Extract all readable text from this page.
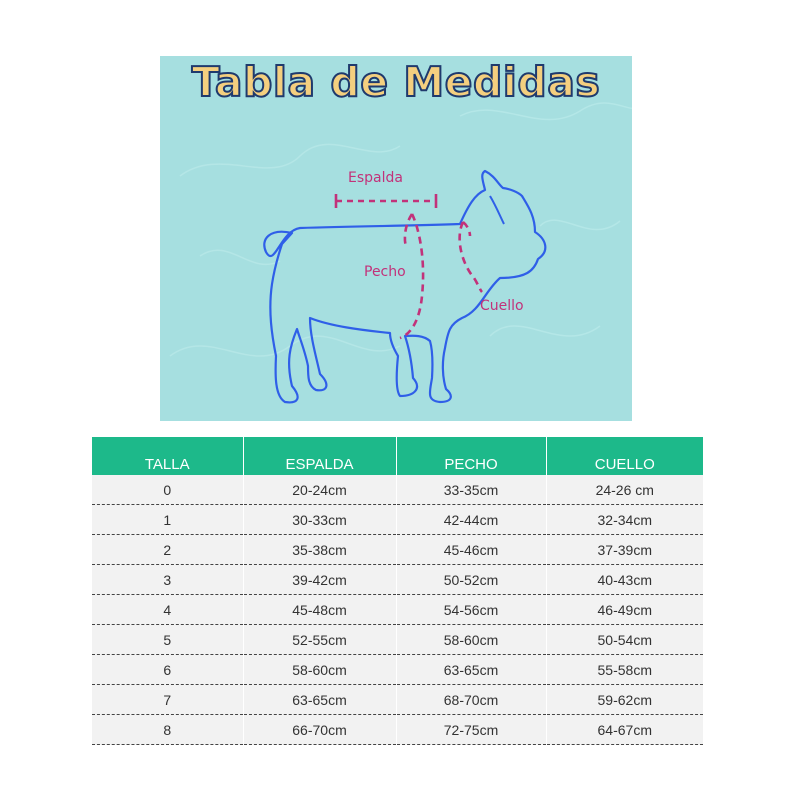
Tabla de Medidas
Espalda
Pecho
Cuello
TALLA	ESPALDA	PECHO	CUELLO
0	20-24cm	33-35cm	24-26 cm
1	30-33cm	42-44cm	32-34cm
2	35-38cm	45-46cm	37-39cm
3	39-42cm	50-52cm	40-43cm
4	45-48cm	54-56cm	46-49cm
5	52-55cm	58-60cm	50-54cm
6	58-60cm	63-65cm	55-58cm
7	63-65cm	68-70cm	59-62cm
8	66-70cm	72-75cm	64-67cm
